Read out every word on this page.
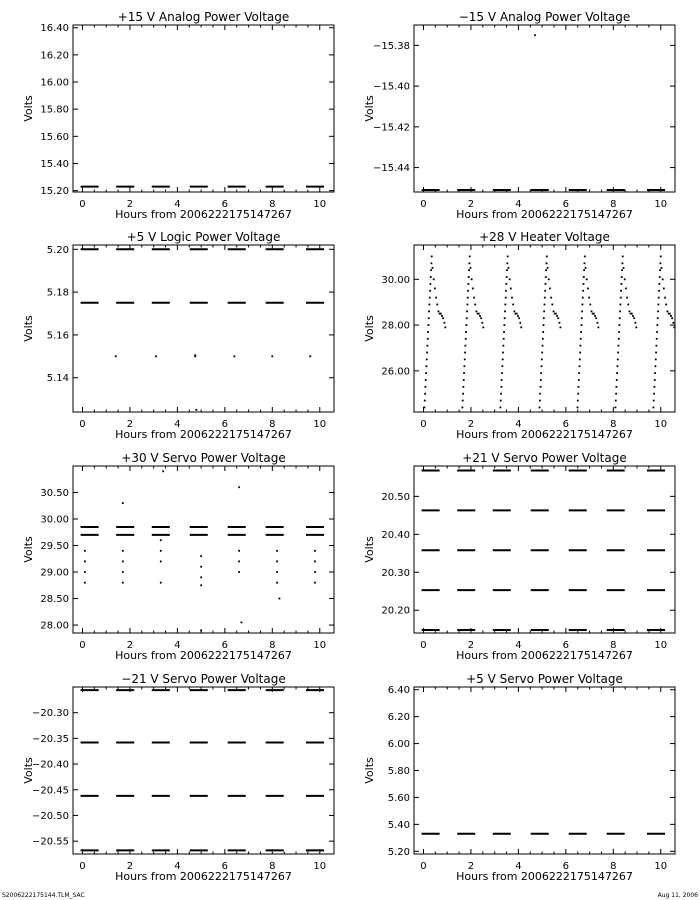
+15 V Analog Power Voltage
0	2	4	6	8	10
15.20
15.40
15.60
15.80
16.00
16.20
16.40
Hours from 2006222175147267
Volts
−15 V Analog Power Voltage
0	2	4	6	8	10
−15.44
−15.42
−15.40
−15.38
Hours from 2006222175147267
Volts
+5 V Logic Power Voltage
0	2	4	6	8	10
5.14
5.16
5.18
5.20
Hours from 2006222175147267
Volts
+28 V Heater Voltage
0	2	4	6	8	10
26.00
28.00
30.00
Hours from 2006222175147267
Volts
+30 V Servo Power Voltage
0	2	4	6	8	10
28.00
28.50
29.00
29.50
30.00
30.50
Hours from 2006222175147267
Volts
+21 V Servo Power Voltage
0	2	4	6	8	10
20.20
20.30
20.40
20.50
Hours from 2006222175147267
Volts
−21 V Servo Power Voltage
0	2	4	6	8	10
−20.55
−20.50
−20.45
−20.40
−20.35
−20.30
Hours from 2006222175147267
Volts
+5 V Servo Power Voltage
0	2	4	6	8	10
5.20
5.40
5.60
5.80
6.00
6.20
6.40
Hours from 2006222175147267
Volts
S2006222175144.TLM_SAC	Aug 11, 2006
